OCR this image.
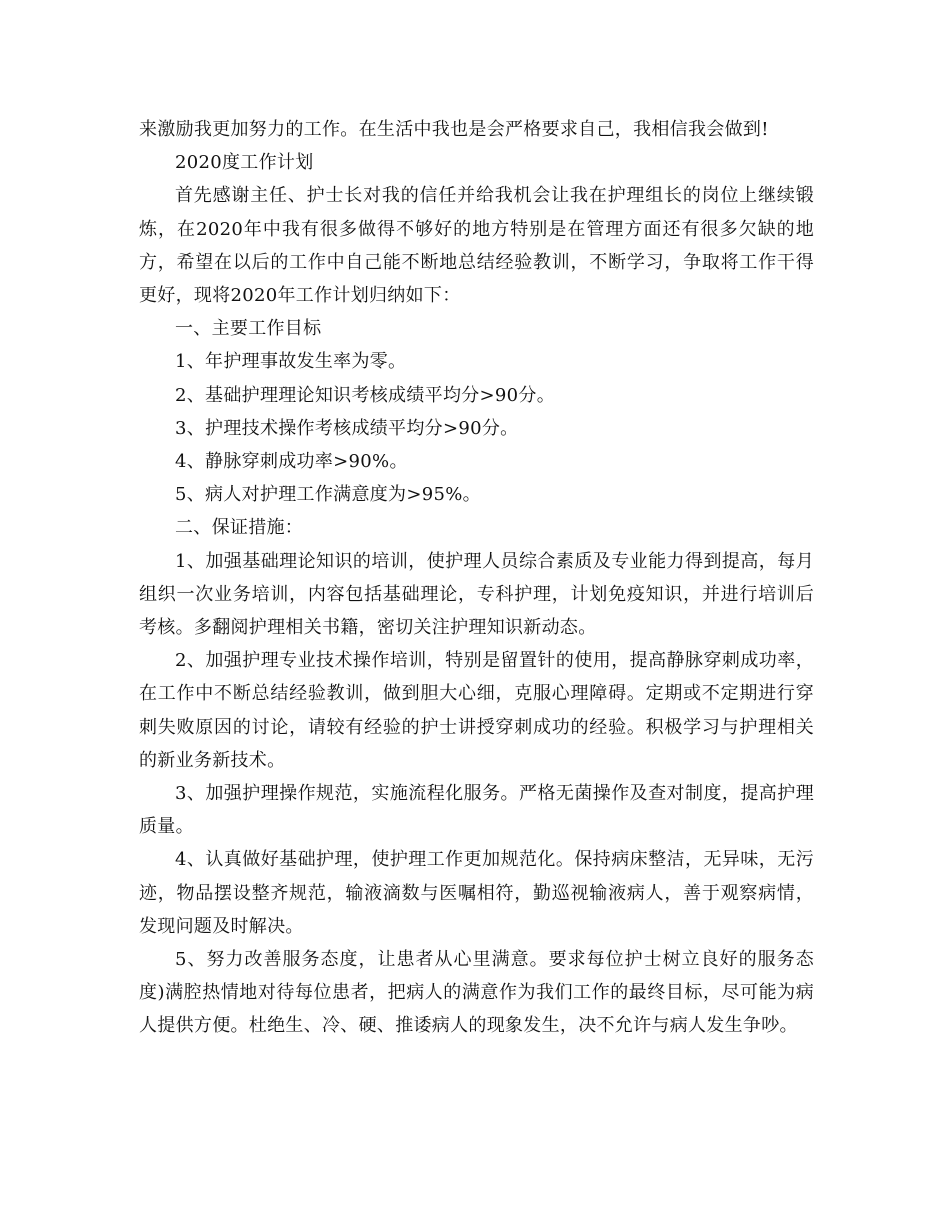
来激励我更加努力的工作。在生活中我也是会严格要求自己，我相信我会做到!

2020度工作计划

首先感谢主任、护士长对我的信任并给我机会让我在护理组长的岗位上继续锻炼，在2020年中我有很多做得不够好的地方特别是在管理方面还有很多欠缺的地方，希望在以后的工作中自己能不断地总结经验教训，不断学习，争取将工作干得更好，现将2020年工作计划归纳如下：

一、主要工作目标

1、年护理事故发生率为零。

2、基础护理理论知识考核成绩平均分>90分。

3、护理技术操作考核成绩平均分>90分。

4、静脉穿刺成功率>90%。

5、病人对护理工作满意度为>95%。

二、保证措施：

1、加强基础理论知识的培训，使护理人员综合素质及专业能力得到提高，每月组织一次业务培训，内容包括基础理论，专科护理，计划免疫知识，并进行培训后考核。多翻阅护理相关书籍，密切关注护理知识新动态。

2、加强护理专业技术操作培训，特别是留置针的使用，提高静脉穿刺成功率，在工作中不断总结经验教训，做到胆大心细，克服心理障碍。定期或不定期进行穿刺失败原因的讨论，请较有经验的护士讲授穿刺成功的经验。积极学习与护理相关的新业务新技术。

3、加强护理操作规范，实施流程化服务。严格无菌操作及查对制度，提高护理质量。

4、认真做好基础护理，使护理工作更加规范化。保持病床整洁，无异味，无污迹，物品摆设整齐规范，输液滴数与医嘱相符，勤巡视输液病人，善于观察病情，发现问题及时解决。

5、努力改善服务态度，让患者从心里满意。要求每位护士树立良好的服务态度)满腔热情地对待每位患者，把病人的满意作为我们工作的最终目标，尽可能为病人提供方便。杜绝生、冷、硬、推诿病人的现象发生，决不允许与病人发生争吵。
